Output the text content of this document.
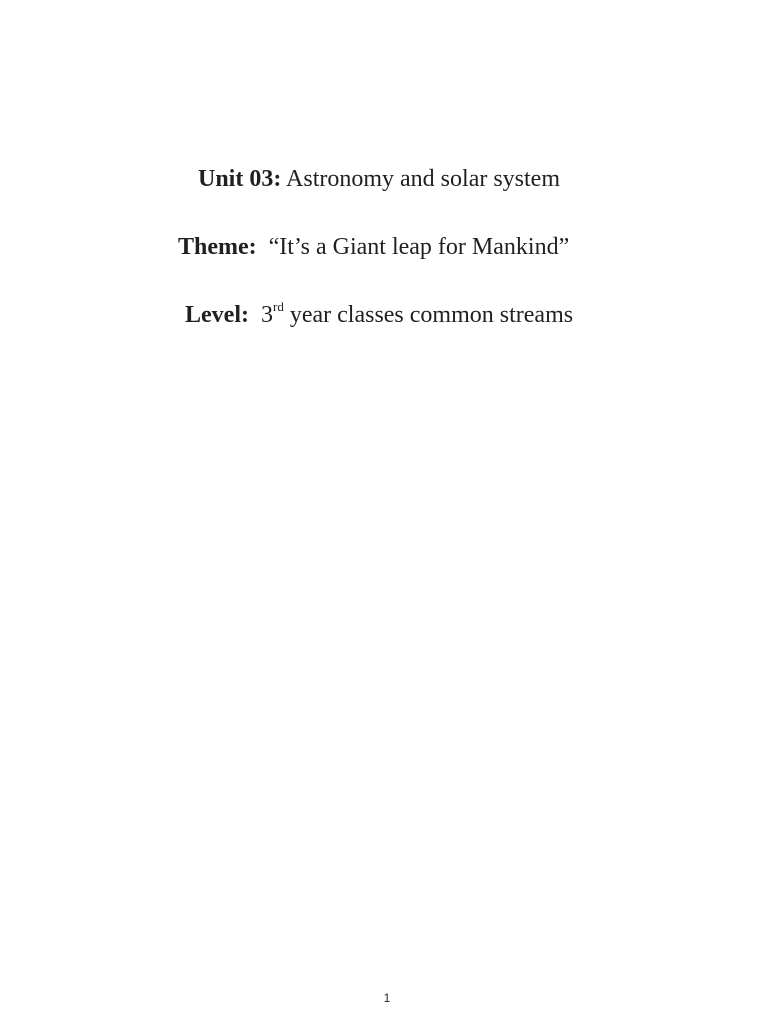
Unit 03: Astronomy and solar system
Theme: “It’s a Giant leap for Mankind”
Level: 3rd year classes common streams
1
